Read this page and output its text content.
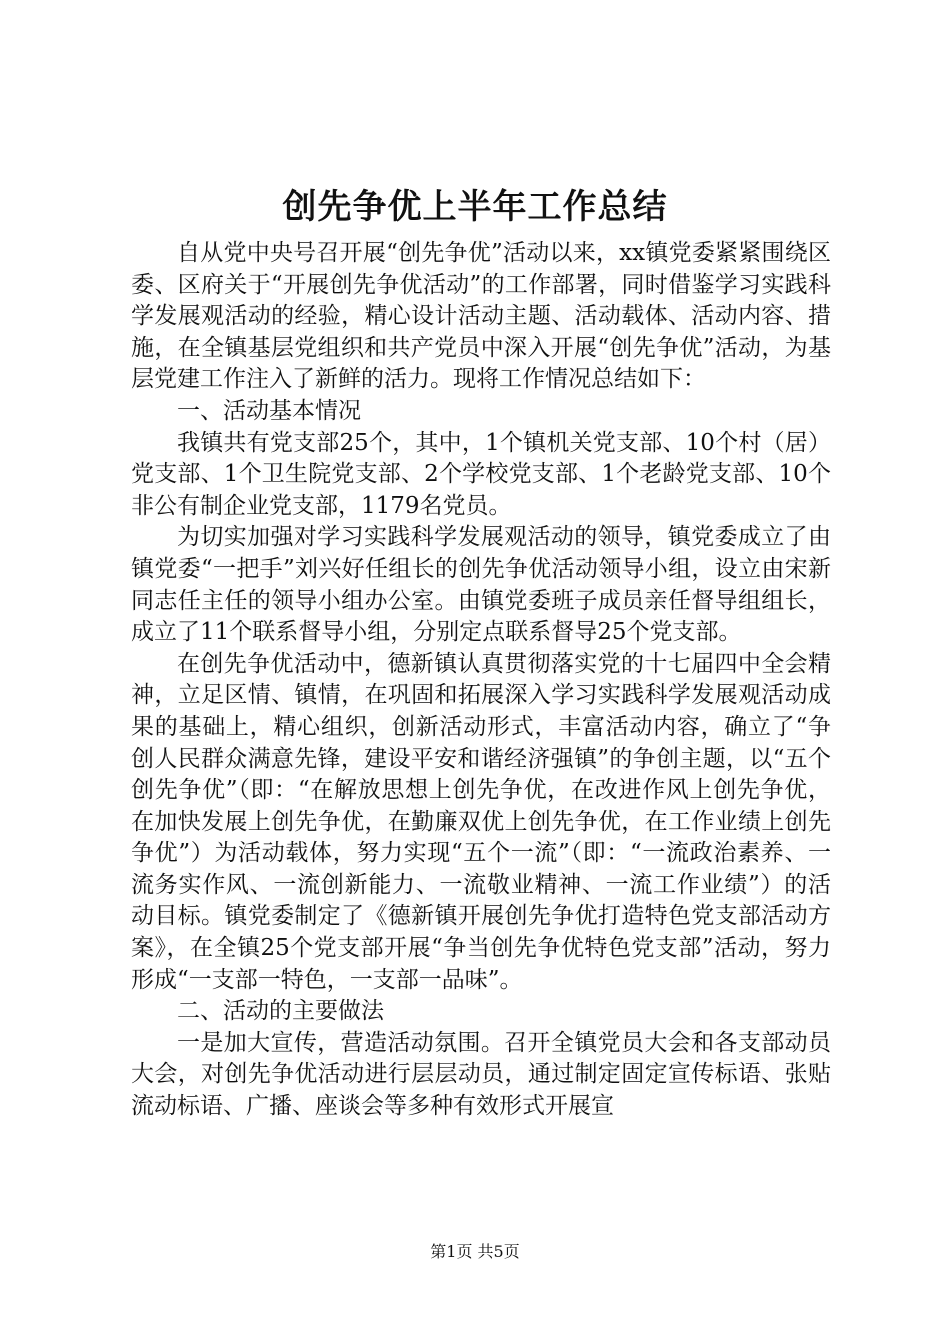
创先争优上半年工作总结

自从党中央号召开展“创先争优”活动以来，xx镇党委紧紧围绕区委、区府关于“开展创先争优活动”的工作部署，同时借鉴学习实践科学发展观活动的经验，精心设计活动主题、活动载体、活动内容、措施，在全镇基层党组织和共产党员中深入开展“创先争优”活动，为基层党建工作注入了新鲜的活力。现将工作情况总结如下：

一、活动基本情况

我镇共有党支部25个，其中，1个镇机关党支部、10个村（居）党支部、1个卫生院党支部、2个学校党支部、1个老龄党支部、10个非公有制企业党支部，1179名党员。

为切实加强对学习实践科学发展观活动的领导，镇党委成立了由镇党委“一把手”刘兴好任组长的创先争优活动领导小组，设立由宋新同志任主任的领导小组办公室。由镇党委班子成员亲任督导组组长，成立了11个联系督导小组，分别定点联系督导25个党支部。

在创先争优活动中，德新镇认真贯彻落实党的十七届四中全会精神，立足区情、镇情，在巩固和拓展深入学习实践科学发展观活动成果的基础上，精心组织，创新活动形式，丰富活动内容，确立了“争创人民群众满意先锋，建设平安和谐经济强镇”的争创主题，以“五个创先争优”（即：“在解放思想上创先争优，在改进作风上创先争优，在加快发展上创先争优，在勤廉双优上创先争优，在工作业绩上创先争优”）为活动载体，努力实现“五个一流”（即：“一流政治素养、一流务实作风、一流创新能力、一流敬业精神、一流工作业绩”）的活动目标。镇党委制定了《德新镇开展创先争优打造特色党支部活动方案》，在全镇25个党支部开展“争当创先争优特色党支部”活动，努力形成“一支部一特色，一支部一品味”。

二、活动的主要做法

一是加大宣传，营造活动氛围。召开全镇党员大会和各支部动员大会，对创先争优活动进行层层动员，通过制定固定宣传标语、张贴流动标语、广播、座谈会等多种有效形式开展宣

第1页 共5页
